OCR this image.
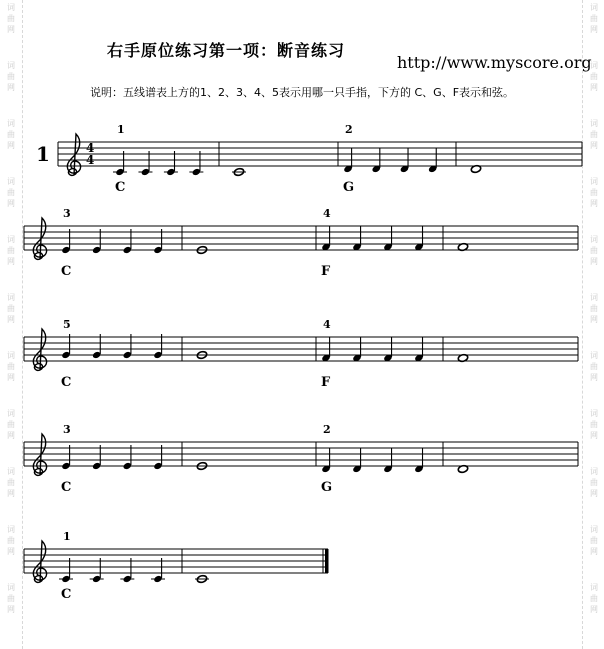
词
曲
网
词
曲
网
词
曲
网
词
曲
网
词
曲
网
词
曲
网
词
曲
网
词
曲
网
词
曲
网
词
曲
网
词
曲
网
词
曲
网
词
曲
网
词
曲
网
词
曲
网
词
曲
网
词
曲
网
词
曲
网
词
曲
网
词
曲
网
词
曲
网
词
曲
网
右手原位练习第一项：断音练习
http://www.myscore.org
说明：五线谱表上方的1、2、3、4、5表示用哪一只手指，下方的 C、G、F表示和弦。
1	4
4
1
C
2
G
3
C
4
F
5
C
4
F
3
C
2
G
1
C
